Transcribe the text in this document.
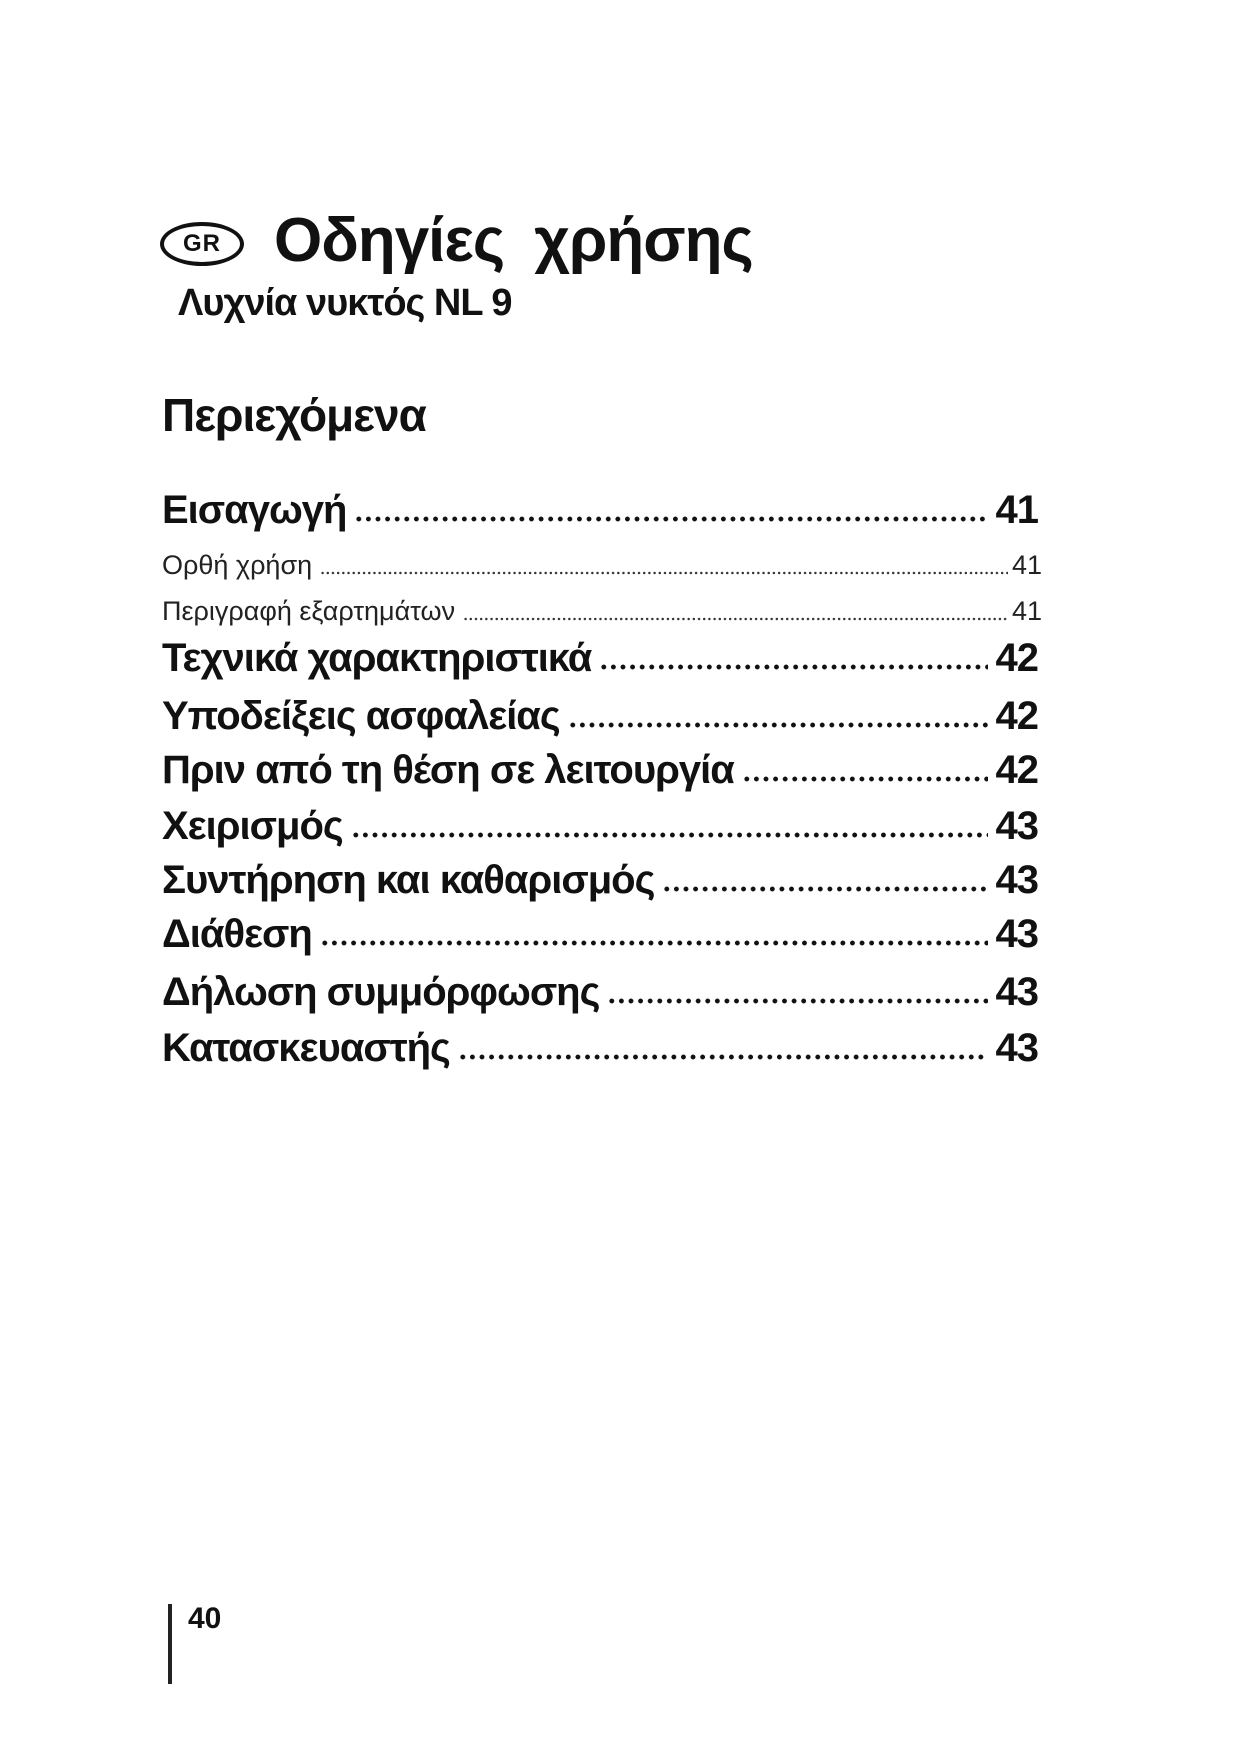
GR Οδηγίες χρήσης
Λυχνία νυκτός NL 9
Περιεχόμενα
Εισαγωγή	41
Ορθή χρήση	41
Περιγραφή εξαρτημάτων	41
Τεχνικά χαρακτηριστικά	42
Υποδείξεις ασφαλείας	42
Πριν από τη θέση σε λειτουργία	42
Χειρισμός	43
Συντήρηση και καθαρισμός	43
Διάθεση	43
Δήλωση συμμόρφωσης	43
Κατασκευαστής	43
40
